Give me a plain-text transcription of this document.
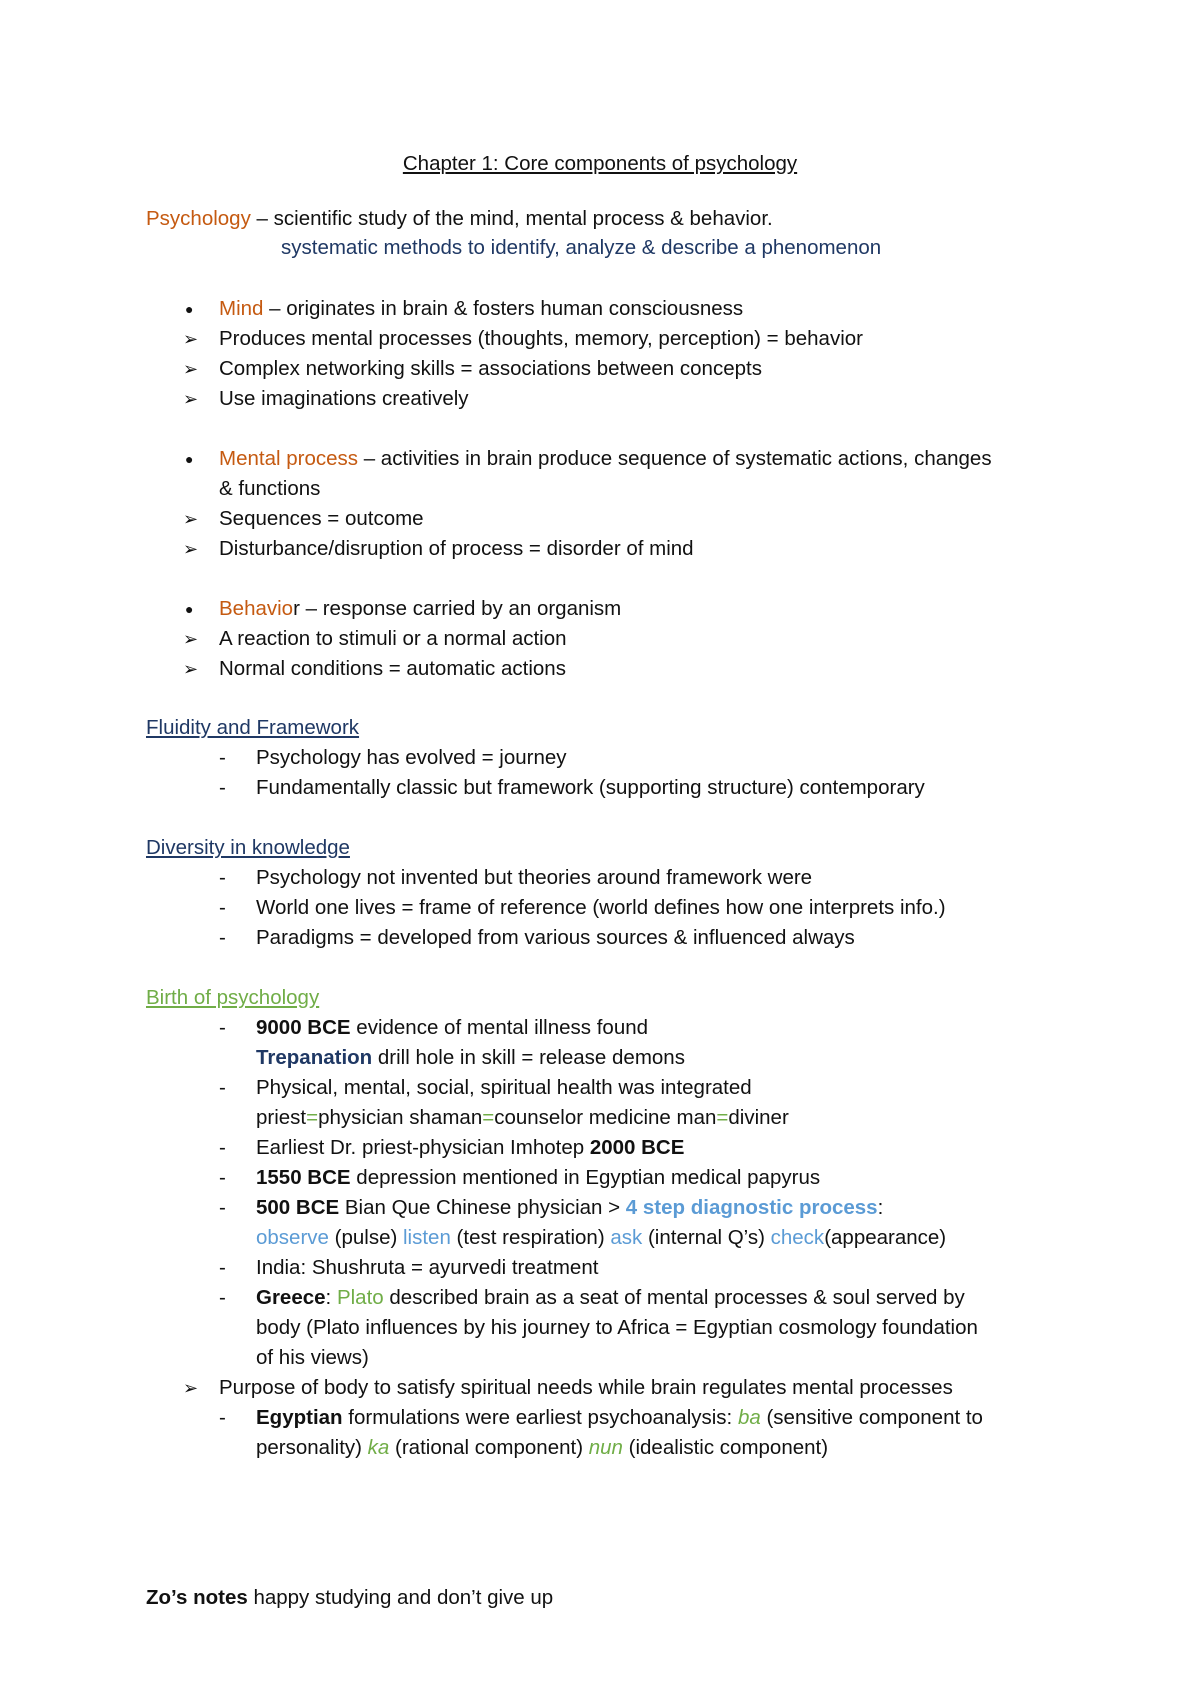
Chapter 1: Core components of psychology
Psychology – scientific study of the mind, mental process & behavior.
systematic methods to identify, analyze & describe a phenomenon
● Mind – originates in brain & fosters human consciousness
➢ Produces mental processes (thoughts, memory, perception) = behavior
➢ Complex networking skills = associations between concepts
➢ Use imaginations creatively
● Mental process – activities in brain produce sequence of systematic actions, changes
& functions
➢ Sequences = outcome
➢ Disturbance/disruption of process = disorder of mind
● Behavior – response carried by an organism
➢ A reaction to stimuli or a normal action
➢ Normal conditions = automatic actions
Fluidity and Framework
- Psychology has evolved = journey
- Fundamentally classic but framework (supporting structure) contemporary
Diversity in knowledge
- Psychology not invented but theories around framework were
- World one lives = frame of reference (world defines how one interprets info.)
- Paradigms = developed from various sources & influenced always
Birth of psychology
- 9000 BCE evidence of mental illness found
Trepanation drill hole in skill = release demons
- Physical, mental, social, spiritual health was integrated
priest=physician shaman=counselor medicine man=diviner
- Earliest Dr. priest-physician Imhotep 2000 BCE
- 1550 BCE depression mentioned in Egyptian medical papyrus
- 500 BCE Bian Que Chinese physician > 4 step diagnostic process:
observe (pulse) listen (test respiration) ask (internal Q’s) check(appearance)
- India: Shushruta = ayurvedi treatment
- Greece: Plato described brain as a seat of mental processes & soul served by
body (Plato influences by his journey to Africa = Egyptian cosmology foundation
of his views)
➢ Purpose of body to satisfy spiritual needs while brain regulates mental processes
- Egyptian formulations were earliest psychoanalysis: ba (sensitive component to
personality) ka (rational component) nun (idealistic component)
Zo’s notes happy studying and don’t give up
